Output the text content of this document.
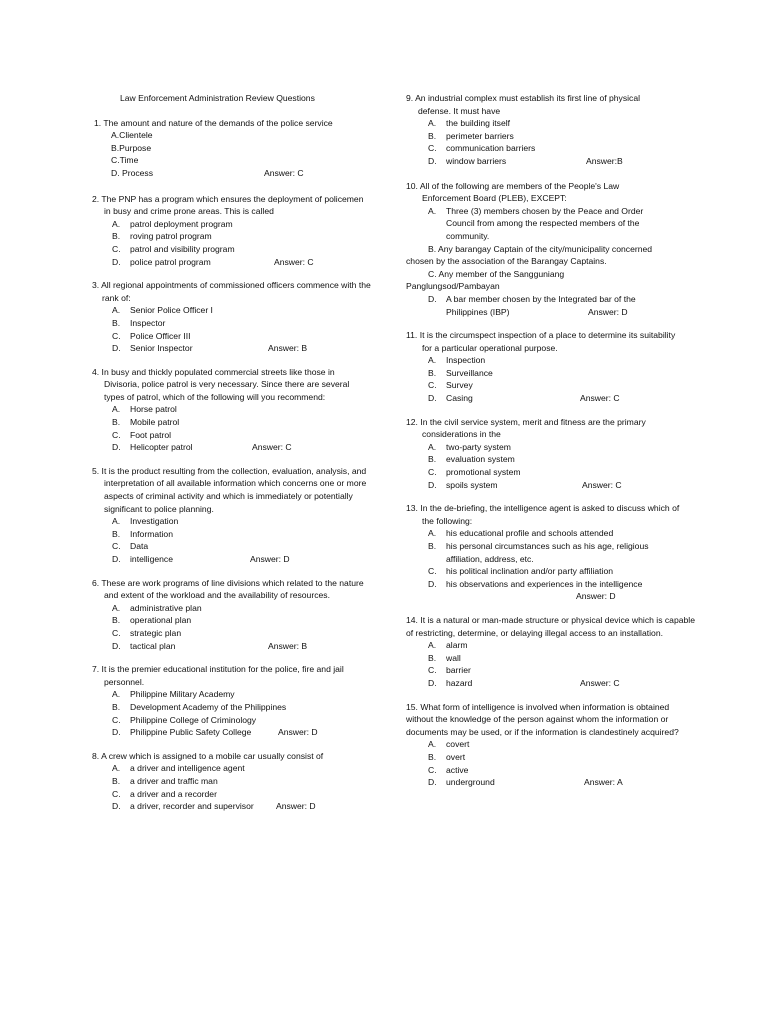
Law Enforcement Administration Review Questions

1. The amount and nature of the demands of the police service

A.Clientele

B.Purpose

C.Time

D. Process	Answer: C

2. The PNP has a program which ensures the deployment of policemen in busy and crime prone areas. This is called

A. patrol deployment program

B. roving patrol program

C. patrol and visibility program

D. police patrol program	Answer: C

3. All regional appointments of commissioned officers commence with the rank of:

A. Senior Police Officer I

B. Inspector

C. Police Officer III

D. Senior Inspector	Answer: B

4. In busy and thickly populated commercial streets like those in Divisoria, police patrol is very necessary. Since there are several types of patrol, which of the following will you recommend:

A. Horse patrol

B. Mobile patrol

C. Foot patrol

D. Helicopter patrol	Answer: C

5. It is the product resulting from the collection, evaluation, analysis, and interpretation of all available information which concerns one or more aspects of criminal activity and which is immediately or potentially significant to police planning.

A. Investigation

B. Information

C. Data

D. intelligence	Answer: D

6. These are work programs of line divisions which related to the nature and extent of the workload and the availability of resources.

A. administrative plan

B. operational plan

C. strategic plan

D. tactical plan	Answer: B

7. It is the premier educational institution for the police, fire and jail personnel.

A. Philippine Military Academy

B. Development Academy of the Philippines

C. Philippine College of Criminology

D. Philippine Public Safety College	Answer: D

8. A crew which is assigned to a mobile car usually consist of

A. a driver and intelligence agent

B. a driver and traffic man

C. a driver and a recorder

D. a driver, recorder and supervisor	Answer: D

9. An industrial complex must establish its first line of physical defense. It must have

A. the building itself

B. perimeter barriers

C. communication barriers

D. window barriers	Answer:B

10. All of the following are members of the People's Law Enforcement Board (PLEB), EXCEPT:

A. Three (3) members chosen by the Peace and Order Council from among the respected members of the community.

B. Any barangay Captain of the city/municipality concerned chosen by the association of the Barangay Captains.

C. Any member of the Sangguniang Panglungsod/Pambayan

D. A bar member chosen by the Integrated bar of the Philippines (IBP)	Answer: D

11. It is the circumspect inspection of a place to determine its suitability for a particular operational purpose.

A. Inspection

B. Surveillance

C. Survey

D. Casing	Answer: C

12. In the civil service system, merit and fitness are the primary considerations in the

A. two-party system

B. evaluation system

C. promotional system

D. spoils system	Answer: C

13. In the de-briefing, the intelligence agent is asked to discuss which of the following:

A. his educational profile and schools attended

B. his personal circumstances such as his age, religious affiliation, address, etc.

C. his political inclination and/or party affiliation

D. his observations and experiences in the intelligence

Answer: D

14. It is a natural or man-made structure or physical device which is capable of restricting, determine, or delaying illegal access to an installation.

A. alarm

B. wall

C. barrier

D. hazard	Answer: C

15. What form of intelligence is involved when information is obtained without the knowledge of the person against whom the information or documents may be used, or if the information is clandestinely acquired?

A. covert

B. overt

C. active

D. underground	Answer: A
